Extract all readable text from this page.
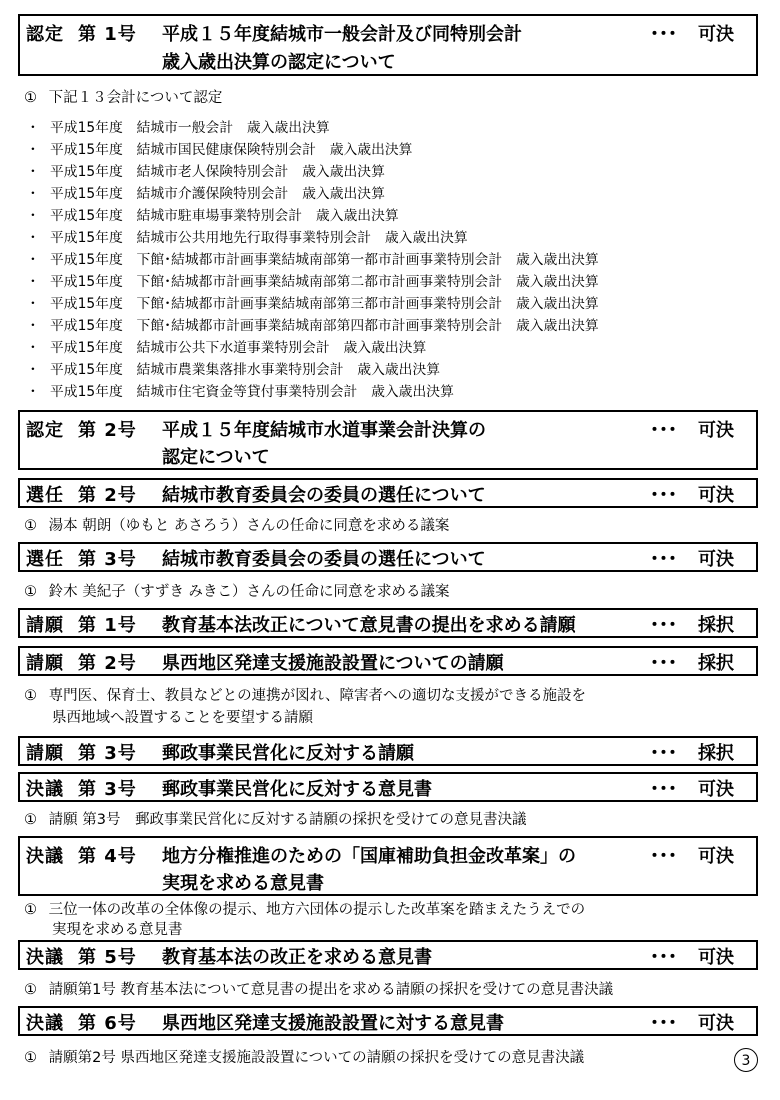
認定 第 1号 平成１５年度結城市一般会計及び同特別会計	･･･ 可決
歳入歳出決算の認定について
① 下記１３会計について認定
・ 平成15年度　結城市一般会計　歳入歳出決算
・ 平成15年度　結城市国民健康保険特別会計　歳入歳出決算
・ 平成15年度　結城市老人保険特別会計　歳入歳出決算
・ 平成15年度　結城市介護保険特別会計　歳入歳出決算
・ 平成15年度　結城市駐車場事業特別会計　歳入歳出決算
・ 平成15年度　結城市公共用地先行取得事業特別会計　歳入歳出決算
・ 平成15年度　下館･結城都市計画事業結城南部第一都市計画事業特別会計　歳入歳出決算
・ 平成15年度　下館･結城都市計画事業結城南部第二都市計画事業特別会計　歳入歳出決算
・ 平成15年度　下館･結城都市計画事業結城南部第三都市計画事業特別会計　歳入歳出決算
・ 平成15年度　下館･結城都市計画事業結城南部第四都市計画事業特別会計　歳入歳出決算
・ 平成15年度　結城市公共下水道事業特別会計　歳入歳出決算
・ 平成15年度　結城市農業集落排水事業特別会計　歳入歳出決算
・ 平成15年度　結城市住宅資金等貸付事業特別会計　歳入歳出決算
認定 第 2号 平成１５年度結城市水道事業会計決算の	･･･ 可決
認定について
選任 第 2号 結城市教育委員会の委員の選任について	･･･ 可決
① 湯本 朝朗（ゆもと あさろう）さんの任命に同意を求める議案
選任 第 3号 結城市教育委員会の委員の選任について	･･･ 可決
① 鈴木 美紀子（すずき みきこ）さんの任命に同意を求める議案
請願 第 1号 教育基本法改正について意見書の提出を求める請願	･･･ 採択
請願 第 2号 県西地区発達支援施設設置についての請願	･･･ 採択
① 専門医、保育士、教員などとの連携が図れ、障害者への適切な支援ができる施設を
県西地域へ設置することを要望する請願
請願 第 3号 郵政事業民営化に反対する請願	･･･ 採択
決議 第 3号 郵政事業民営化に反対する意見書	･･･ 可決
① 請願 第3号　郵政事業民営化に反対する請願の採択を受けての意見書決議
決議 第 4号 地方分権推進のための「国庫補助負担金改革案」の	･･･ 可決
実現を求める意見書
① 三位一体の改革の全体像の提示、地方六団体の提示した改革案を踏まえたうえでの
実現を求める意見書
決議 第 5号 教育基本法の改正を求める意見書	･･･ 可決
① 請願第1号 教育基本法について意見書の提出を求める請願の採択を受けての意見書決議
決議 第 6号 県西地区発達支援施設設置に対する意見書	･･･ 可決
① 請願第2号 県西地区発達支援施設設置についての請願の採択を受けての意見書決議	3
